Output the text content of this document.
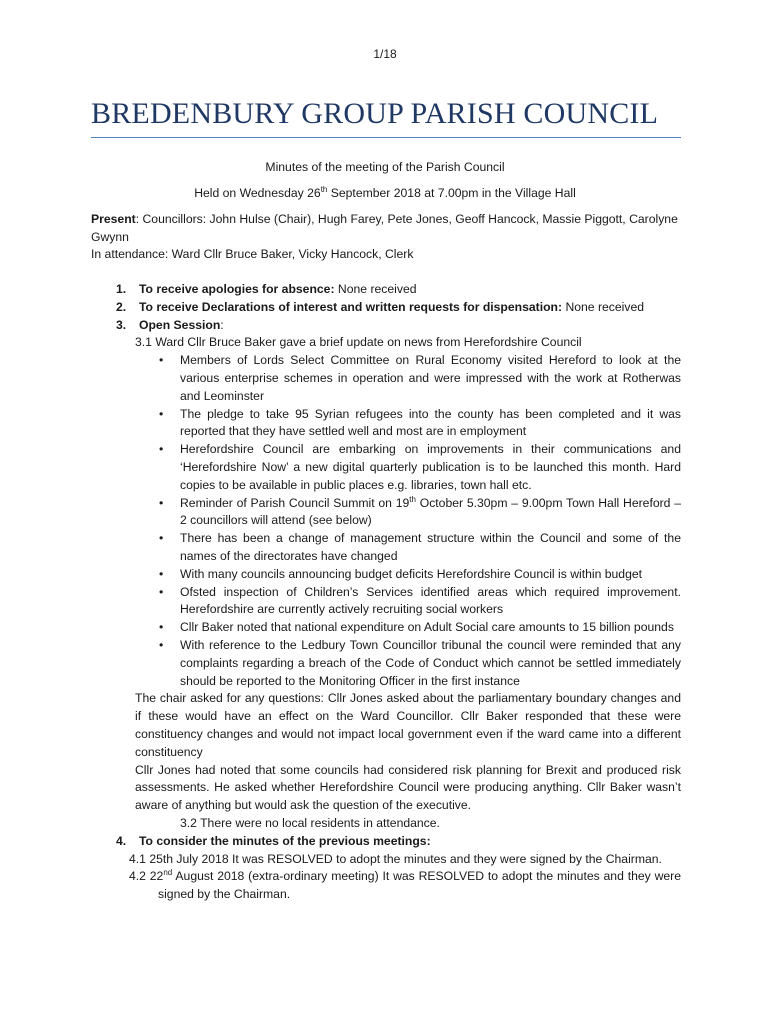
1/18
BREDENBURY GROUP PARISH COUNCIL
Minutes of the meeting of the Parish Council
Held on Wednesday 26th September 2018 at 7.00pm in the Village Hall
Present: Councillors: John Hulse (Chair), Hugh Farey, Pete Jones, Geoff Hancock, Massie Piggott, Carolyne Gwynn
In attendance: Ward Cllr Bruce Baker, Vicky Hancock, Clerk
1. To receive apologies for absence: None received
2. To receive Declarations of interest and written requests for dispensation: None received
3. Open Session:
3.1 Ward Cllr Bruce Baker gave a brief update on news from Herefordshire Council
• Members of Lords Select Committee on Rural Economy visited Hereford to look at the various enterprise schemes in operation and were impressed with the work at Rotherwas and Leominster
• The pledge to take 95 Syrian refugees into the county has been completed and it was reported that they have settled well and most are in employment
• Herefordshire Council are embarking on improvements in their communications and ‘Herefordshire Now’ a new digital quarterly publication is to be launched this month. Hard copies to be available in public places e.g. libraries, town hall etc.
• Reminder of Parish Council Summit on 19th October 5.30pm – 9.00pm Town Hall Hereford – 2 councillors will attend (see below)
• There has been a change of management structure within the Council and some of the names of the directorates have changed
• With many councils announcing budget deficits Herefordshire Council is within budget
• Ofsted inspection of Children’s Services identified areas which required improvement. Herefordshire are currently actively recruiting social workers
• Cllr Baker noted that national expenditure on Adult Social care amounts to 15 billion pounds
• With reference to the Ledbury Town Councillor tribunal the council were reminded that any complaints regarding a breach of the Code of Conduct which cannot be settled immediately should be reported to the Monitoring Officer in the first instance
The chair asked for any questions: Cllr Jones asked about the parliamentary boundary changes and if these would have an effect on the Ward Councillor. Cllr Baker responded that these were constituency changes and would not impact local government even if the ward came into a different constituency
Cllr Jones had noted that some councils had considered risk planning for Brexit and produced risk assessments. He asked whether Herefordshire Council were producing anything. Cllr Baker wasn’t aware of anything but would ask the question of the executive.
3.2 There were no local residents in attendance.
4. To consider the minutes of the previous meetings:
4.1 25th July 2018 It was RESOLVED to adopt the minutes and they were signed by the Chairman.
4.2 22nd August 2018 (extra-ordinary meeting) It was RESOLVED to adopt the minutes and they were signed by the Chairman.
